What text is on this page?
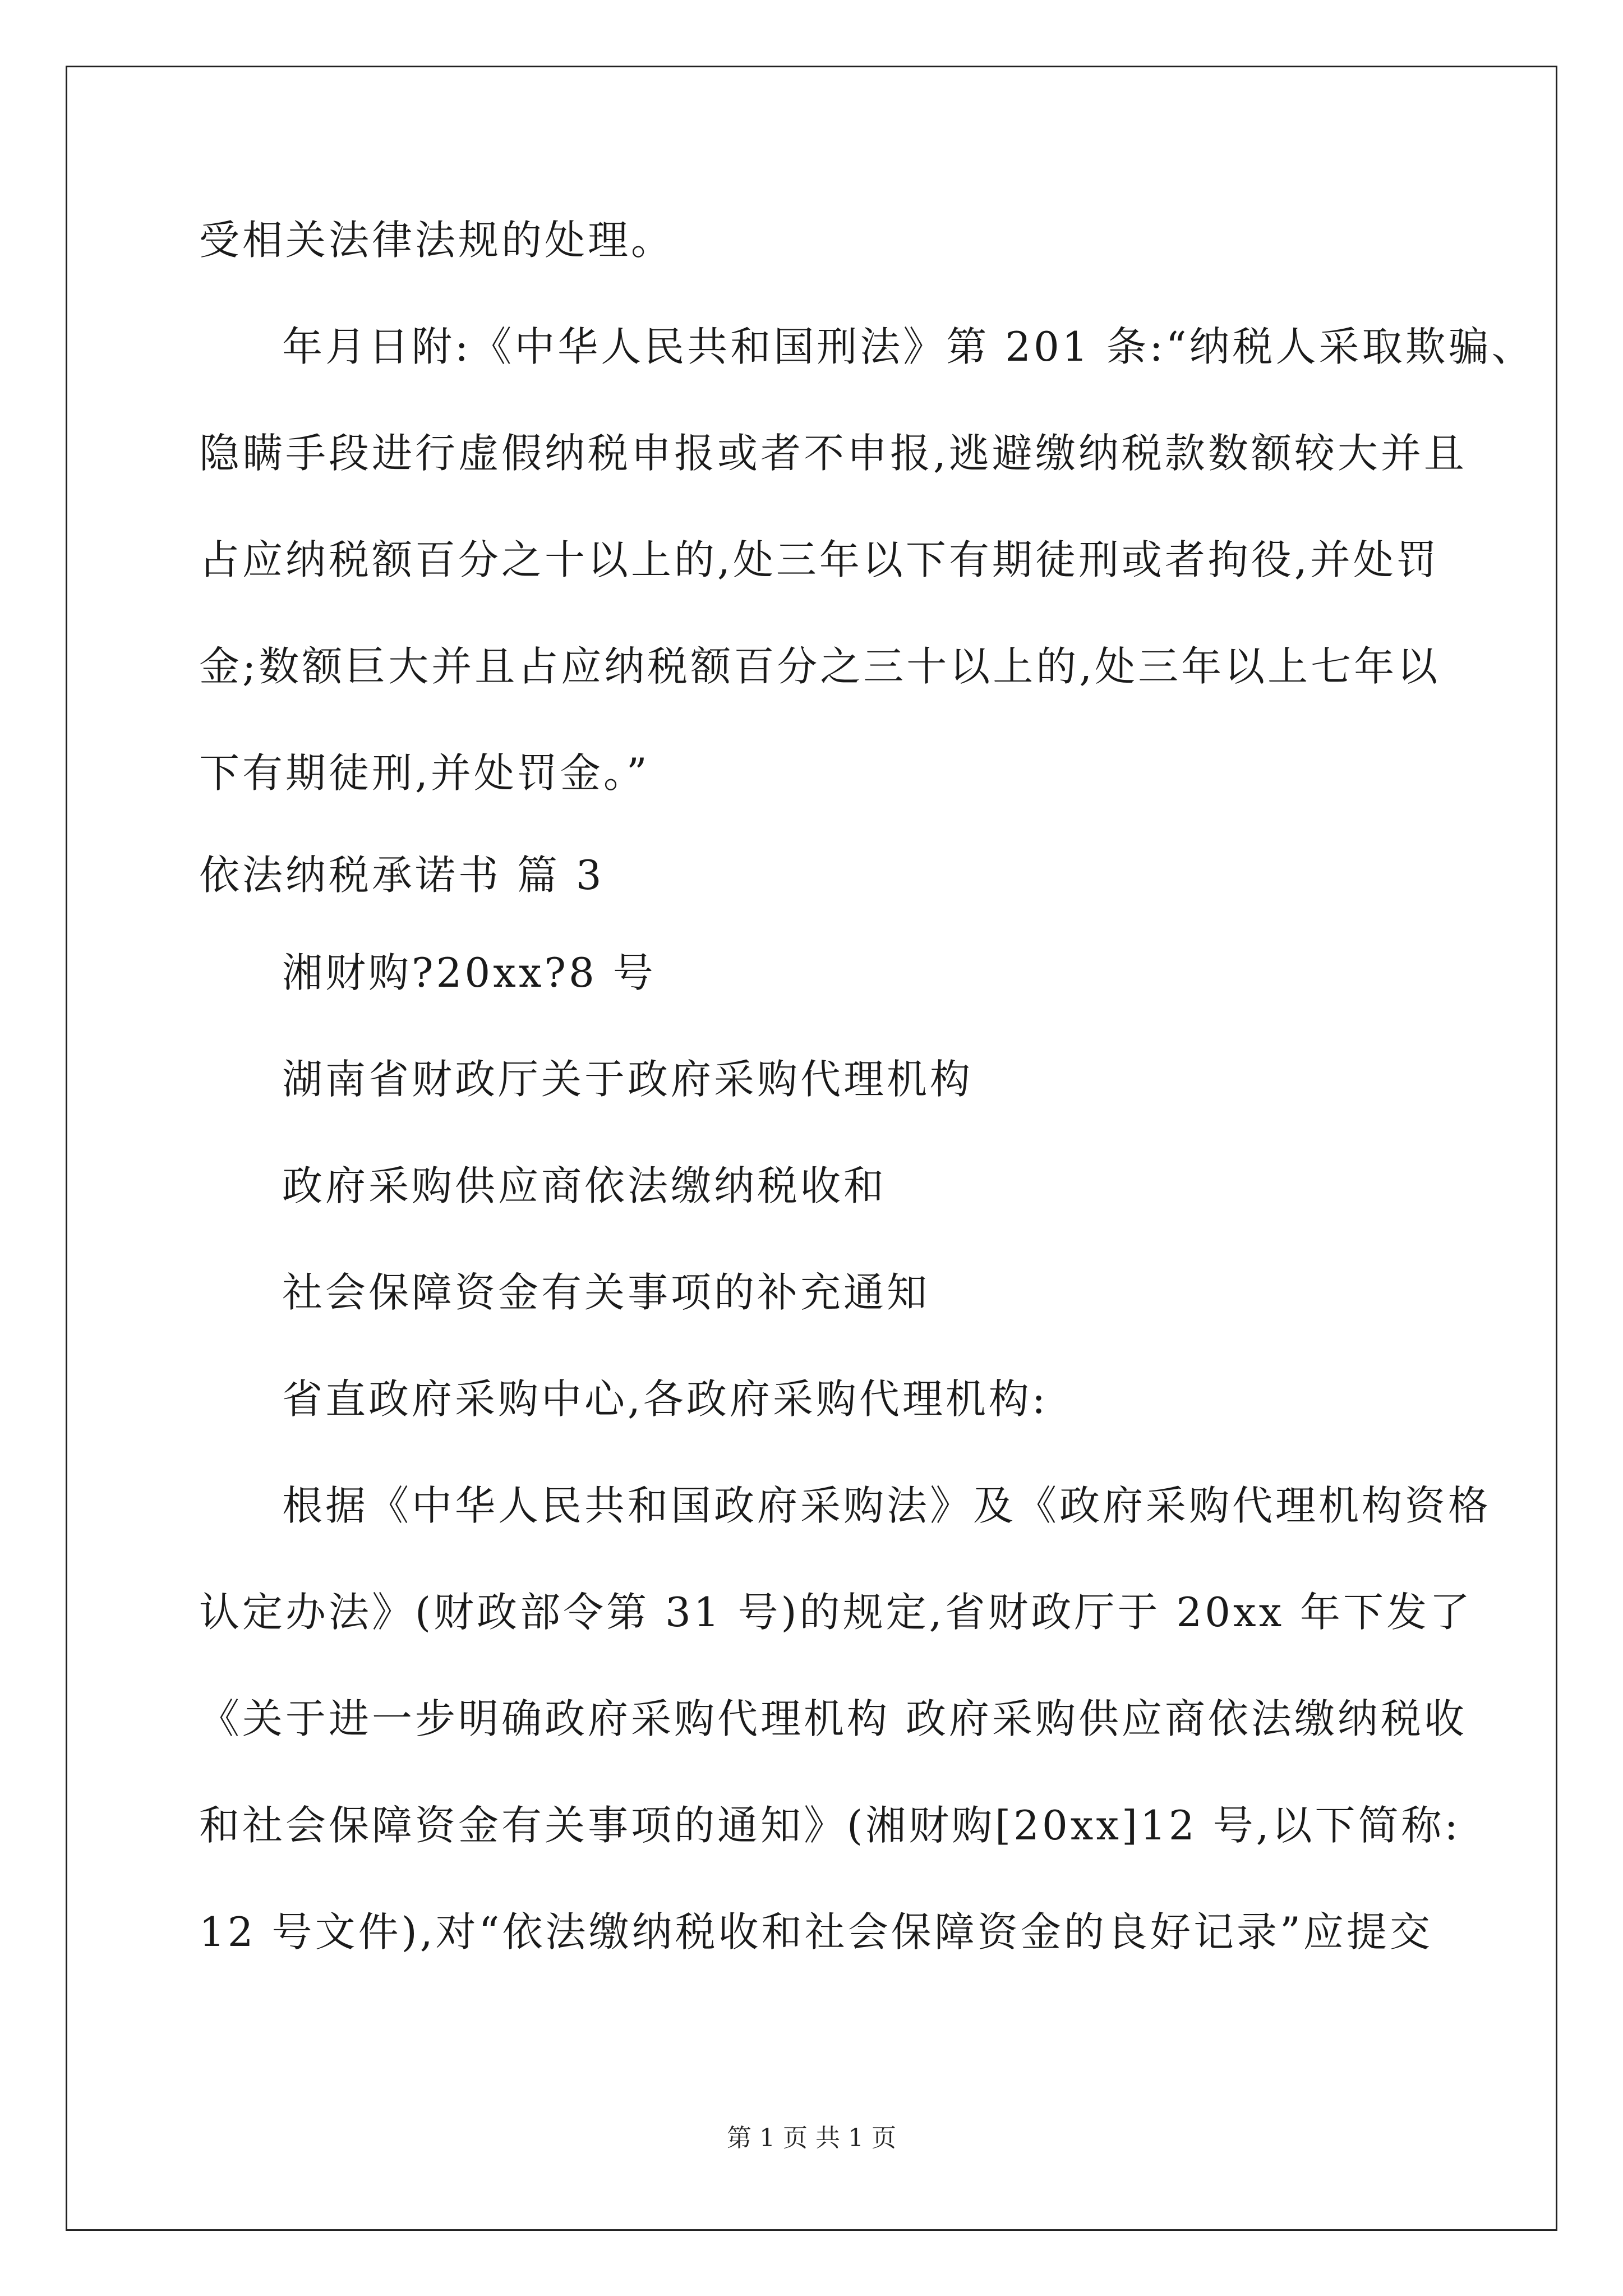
受相关法律法规的处理。
年月日附:《中华人民共和国刑法》第 201 条:“纳税人采取欺骗、
隐瞒手段进行虚假纳税申报或者不申报,逃避缴纳税款数额较大并且
占应纳税额百分之十以上的,处三年以下有期徒刑或者拘役,并处罚
金;数额巨大并且占应纳税额百分之三十以上的,处三年以上七年以
下有期徒刑,并处罚金。”
依法纳税承诺书 篇 3
湘财购?20xx?8 号
湖南省财政厅关于政府采购代理机构
政府采购供应商依法缴纳税收和
社会保障资金有关事项的补充通知
省直政府采购中心,各政府采购代理机构:
根据《中华人民共和国政府采购法》及《政府采购代理机构资格
认定办法》(财政部令第 31 号)的规定,省财政厅于 20xx 年下发了
《关于进一步明确政府采购代理机构 政府采购供应商依法缴纳税收
和社会保障资金有关事项的通知》(湘财购[20xx]12 号,以下简称:
12 号文件),对“依法缴纳税收和社会保障资金的良好记录”应提交
第 1 页 共 1 页
